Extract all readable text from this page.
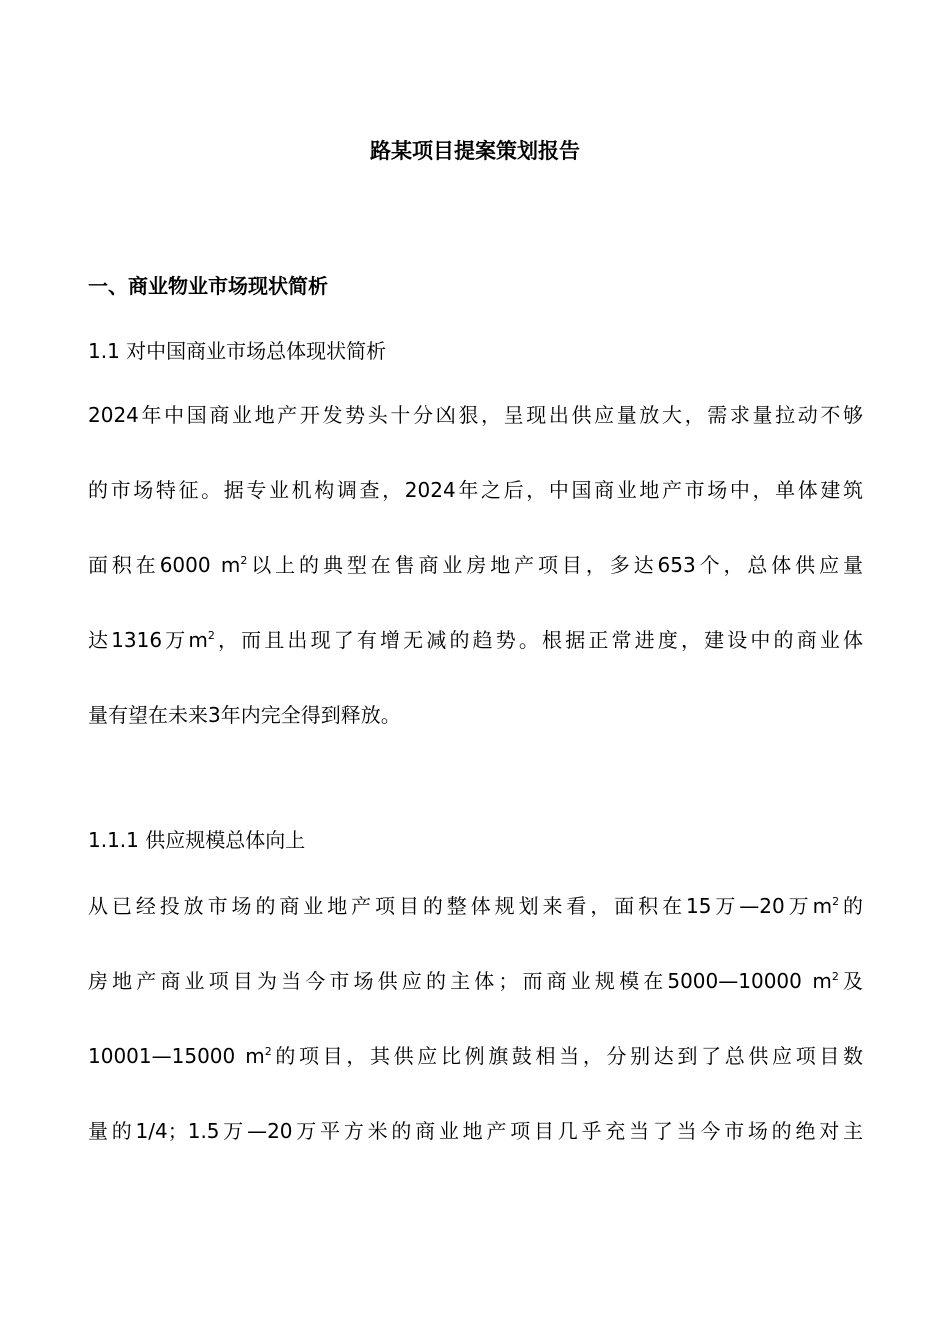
路某项目提案策划报告
一、商业物业市场现状简析
1.1 对中国商业市场总体现状简析
2024年中国商业地产开发势头十分凶狠，呈现出供应量放大，需求量拉动不够
的市场特征。据专业机构调查，2024年之后，中国商业地产市场中，单体建筑
面积在6000 $m^2$以上的典型在售商业房地产项目，多达653个，总体供应量
达1316万$m^2$，而且出现了有增无减的趋势。根据正常进度，建设中的商业体
量有望在未来3年内完全得到释放。
1.1.1 供应规模总体向上
从已经投放市场的商业地产项目的整体规划来看，面积在15万—20万$m^2$的
房地产商业项目为当今市场供应的主体；而商业规模在5000—10000 $m^2$及
10001—15000 $m^2$的项目，其供应比例旗鼓相当，分别达到了总供应项目数
量的1/4；1.5万—20万平方米的商业地产项目几乎充当了当今市场的绝对主
